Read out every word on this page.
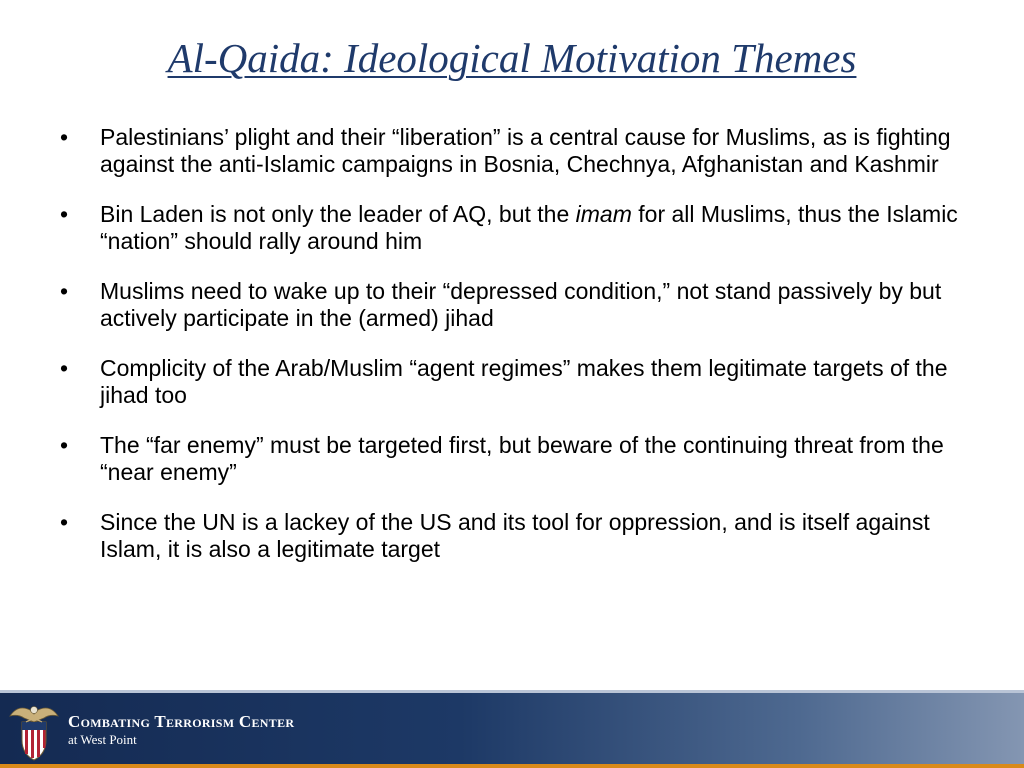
Al-Qaida: Ideological Motivation Themes
• Palestinians’ plight and their “liberation” is a central cause for Muslims, as is fighting against the anti-Islamic campaigns in Bosnia, Chechnya, Afghanistan and Kashmir
• Bin Laden is not only the leader of AQ, but the imam for all Muslims, thus the Islamic “nation” should rally around him
• Muslims need to wake up to their “depressed condition,” not stand passively by but actively participate in the (armed) jihad
• Complicity of the Arab/Muslim “agent regimes” makes them legitimate targets of the jihad too
• The “far enemy” must be targeted first, but beware of the continuing threat from the “near enemy”
• Since the UN is a lackey of the US and its tool for oppression, and is itself against Islam, it is also a legitimate target
Combating Terrorism Center
at West Point
